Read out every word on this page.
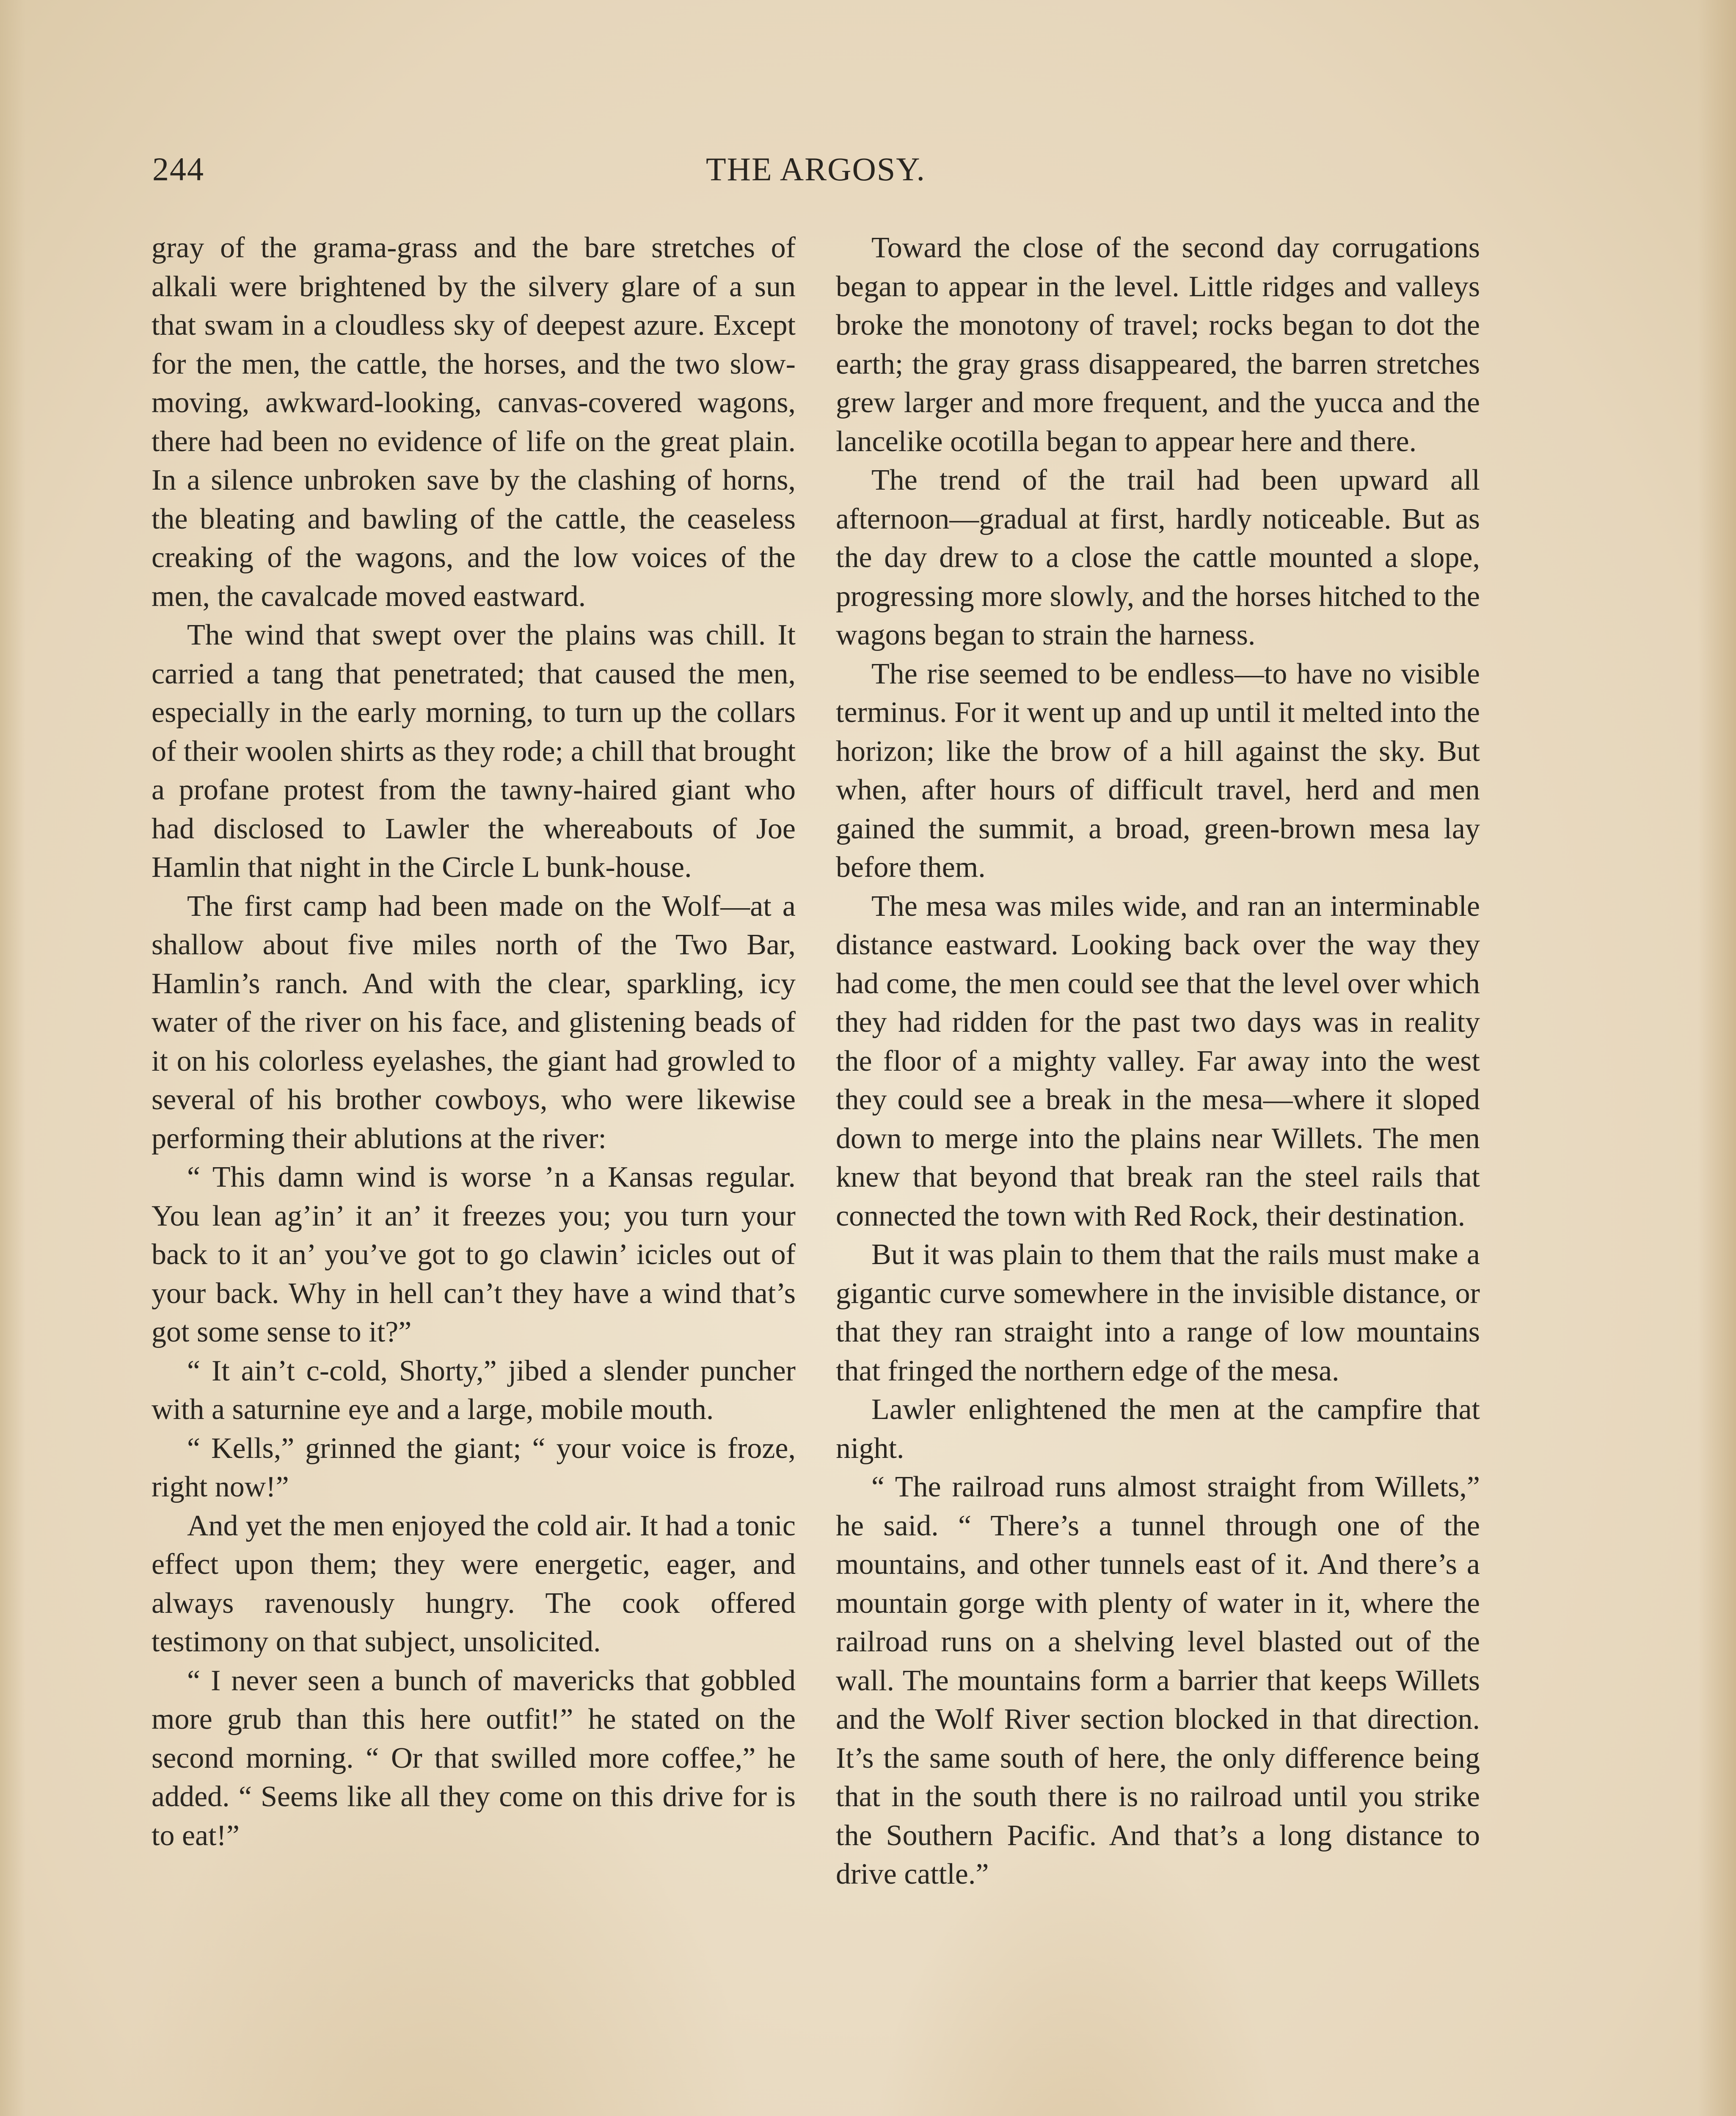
244	THE ARGOSY.

gray of the grama-grass and the bare stretches of alkali were brightened by the silvery glare of a sun that swam in a cloudless sky of deepest azure. Except for the men, the cattle, the horses, and the two slow-moving, awkward-looking, canvas-covered wagons, there had been no evidence of life on the great plain. In a silence unbroken save by the clashing of horns, the bleating and bawling of the cattle, the ceaseless creaking of the wagons, and the low voices of the men, the cavalcade moved eastward.

The wind that swept over the plains was chill. It carried a tang that penetrated; that caused the men, especially in the early morning, to turn up the collars of their woolen shirts as they rode; a chill that brought a profane protest from the tawny-haired giant who had disclosed to Lawler the whereabouts of Joe Hamlin that night in the Circle L bunk-house.

The first camp had been made on the Wolf—at a shallow about five miles north of the Two Bar, Hamlin’s ranch. And with the clear, sparkling, icy water of the river on his face, and glistening beads of it on his colorless eyelashes, the giant had growled to several of his brother cowboys, who were likewise performing their ablutions at the river:

“ This damn wind is worse ’n a Kansas regular. You lean ag’in’ it an’ it freezes you; you turn your back to it an’ you’ve got to go clawin’ icicles out of your back. Why in hell can’t they have a wind that’s got some sense to it?”

“ It ain’t c-cold, Shorty,” jibed a slender puncher with a saturnine eye and a large, mobile mouth.

“ Kells,” grinned the giant; “ your voice is froze, right now!”

And yet the men enjoyed the cold air. It had a tonic effect upon them; they were energetic, eager, and always ravenously hungry. The cook offered testimony on that subject, unsolicited.

“ I never seen a bunch of mavericks that gobbled more grub than this here outfit!” he stated on the second morning. “ Or that swilled more coffee,” he added. “ Seems like all they come on this drive for is to eat!”

Toward the close of the second day corrugations began to appear in the level. Little ridges and valleys broke the monotony of travel; rocks began to dot the earth; the gray grass disappeared, the barren stretches grew larger and more frequent, and the yucca and the lancelike ocotilla began to appear here and there.

The trend of the trail had been upward all afternoon—gradual at first, hardly noticeable. But as the day drew to a close the cattle mounted a slope, progressing more slowly, and the horses hitched to the wagons began to strain the harness.

The rise seemed to be endless—to have no visible terminus. For it went up and up until it melted into the horizon; like the brow of a hill against the sky. But when, after hours of difficult travel, herd and men gained the summit, a broad, green-brown mesa lay before them.

The mesa was miles wide, and ran an interminable distance eastward. Looking back over the way they had come, the men could see that the level over which they had ridden for the past two days was in reality the floor of a mighty valley. Far away into the west they could see a break in the mesa—where it sloped down to merge into the plains near Willets. The men knew that beyond that break ran the steel rails that connected the town with Red Rock, their destination.

But it was plain to them that the rails must make a gigantic curve somewhere in the invisible distance, or that they ran straight into a range of low mountains that fringed the northern edge of the mesa.

Lawler enlightened the men at the campfire that night.

“ The railroad runs almost straight from Willets,” he said. “ There’s a tunnel through one of the mountains, and other tunnels east of it. And there’s a mountain gorge with plenty of water in it, where the railroad runs on a shelving level blasted out of the wall. The mountains form a barrier that keeps Willets and the Wolf River section blocked in that direction. It’s the same south of here, the only difference being that in the south there is no railroad until you strike the Southern Pacific. And that’s a long distance to drive cattle.”
